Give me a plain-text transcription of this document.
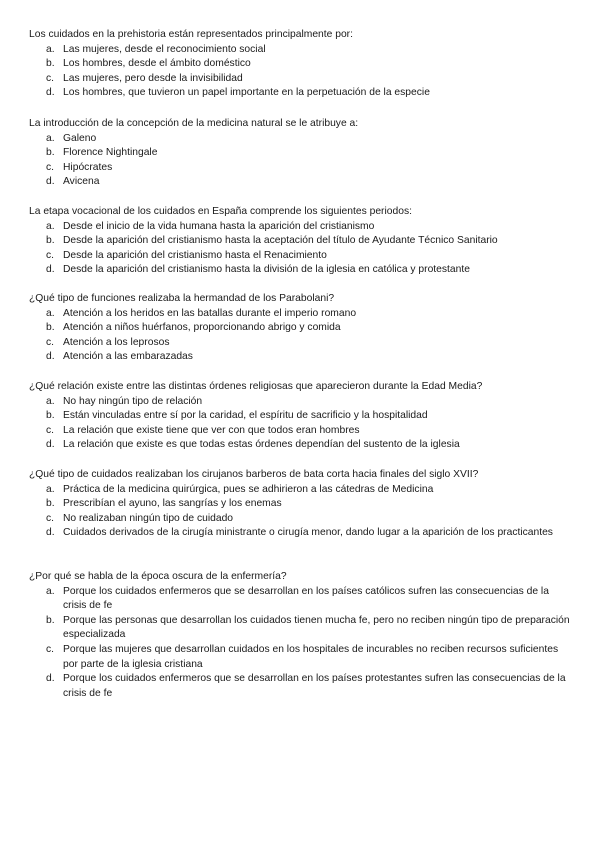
Los cuidados en la prehistoria están representados principalmente por:
a. Las mujeres, desde el reconocimiento social
b. Los hombres, desde el ámbito doméstico
c. Las mujeres, pero desde la invisibilidad
d. Los hombres, que tuvieron un papel importante en la perpetuación de la especie
La introducción de la concepción de la medicina natural se le atribuye a:
a. Galeno
b. Florence Nightingale
c. Hipócrates
d. Avicena
La etapa vocacional de los cuidados en España comprende los siguientes periodos:
a. Desde el inicio de la vida humana hasta la aparición del cristianismo
b. Desde la aparición del cristianismo hasta la aceptación del título de Ayudante Técnico Sanitario
c. Desde la aparición del cristianismo hasta el Renacimiento
d. Desde la aparición del cristianismo hasta la división de la iglesia en católica y protestante
¿Qué tipo de funciones realizaba la hermandad de los Parabolani?
a. Atención a los heridos en las batallas durante el imperio romano
b. Atención a niños huérfanos, proporcionando abrigo y comida
c. Atención a los leprosos
d. Atención a las embarazadas
¿Qué relación existe entre las distintas órdenes religiosas que aparecieron durante la Edad Media?
a. No hay ningún tipo de relación
b. Están vinculadas entre sí por la caridad, el espíritu de sacrificio y la hospitalidad
c. La relación que existe tiene que ver con que todos eran hombres
d. La relación que existe es que todas estas órdenes dependían del sustento de la iglesia
¿Qué tipo de cuidados realizaban los cirujanos barberos de bata corta hacia finales del siglo XVII?
a. Práctica de la medicina quirúrgica, pues se adhirieron a las cátedras de Medicina
b. Prescribían el ayuno, las sangrías y los enemas
c. No realizaban ningún tipo de cuidado
d. Cuidados derivados de la cirugía ministrante o cirugía menor, dando lugar a la aparición de los practicantes
¿Por qué se habla de la época oscura de la enfermería?
a. Porque los cuidados enfermeros que se desarrollan en los países católicos sufren las consecuencias de la crisis de fe
b. Porque las personas que desarrollan los cuidados tienen mucha fe, pero no reciben ningún tipo de preparación especializada
c. Porque las mujeres que desarrollan cuidados en los hospitales de incurables no reciben recursos suficientes por parte de la iglesia cristiana
d. Porque los cuidados enfermeros que se desarrollan en los países protestantes sufren las consecuencias de la crisis de fe
